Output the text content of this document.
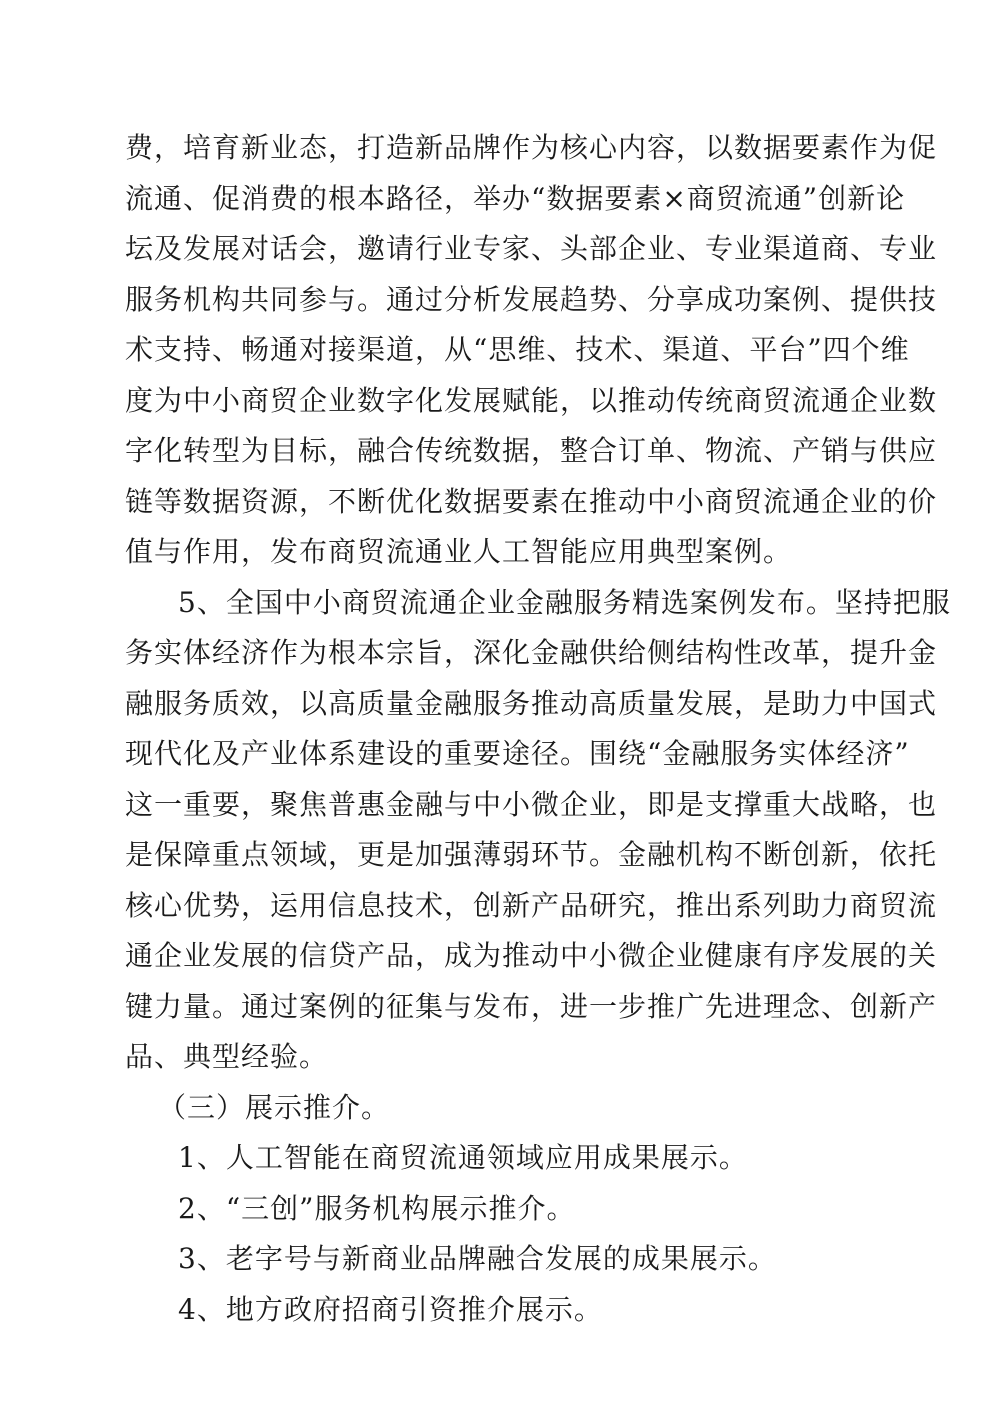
费，培育新业态，打造新品牌作为核心内容，以数据要素作为促
流通、促消费的根本路径，举办“数据要素×商贸流通”创新论
坛及发展对话会，邀请行业专家、头部企业、专业渠道商、专业
服务机构共同参与。通过分析发展趋势、分享成功案例、提供技
术支持、畅通对接渠道，从“思维、技术、渠道、平台”四个维
度为中小商贸企业数字化发展赋能，以推动传统商贸流通企业数
字化转型为目标，融合传统数据，整合订单、物流、产销与供应
链等数据资源，不断优化数据要素在推动中小商贸流通企业的价
值与作用，发布商贸流通业人工智能应用典型案例。
5、全国中小商贸流通企业金融服务精选案例发布。坚持把服
务实体经济作为根本宗旨，深化金融供给侧结构性改革，提升金
融服务质效，以高质量金融服务推动高质量发展，是助力中国式
现代化及产业体系建设的重要途径。围绕“金融服务实体经济”
这一重要，聚焦普惠金融与中小微企业，即是支撑重大战略，也
是保障重点领域，更是加强薄弱环节。金融机构不断创新，依托
核心优势，运用信息技术，创新产品研究，推出系列助力商贸流
通企业发展的信贷产品，成为推动中小微企业健康有序发展的关
键力量。通过案例的征集与发布，进一步推广先进理念、创新产
品、典型经验。
（三）展示推介。
1、人工智能在商贸流通领域应用成果展示。
2、“三创”服务机构展示推介。
3、老字号与新商业品牌融合发展的成果展示。
4、地方政府招商引资推介展示。
